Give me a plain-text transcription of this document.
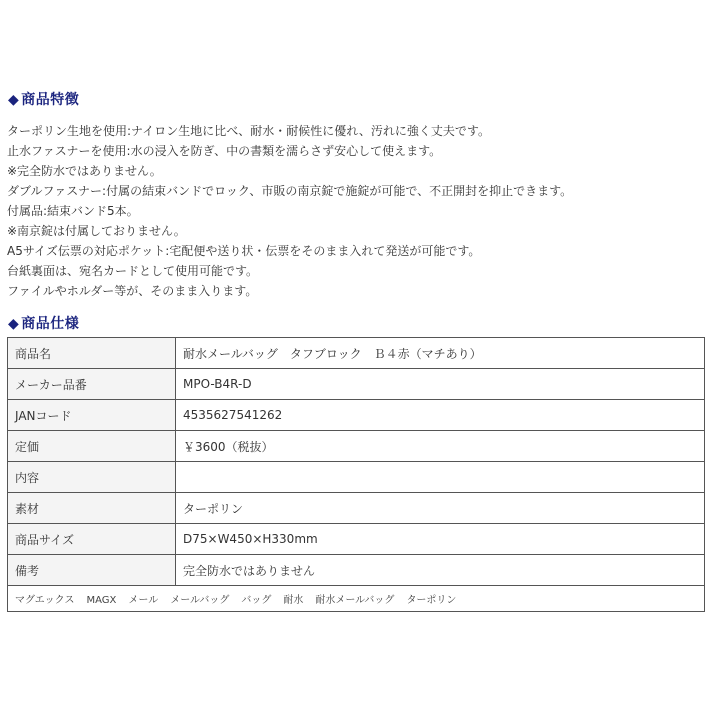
◆ 商品特徴
ターポリン生地を使用:ナイロン生地に比べ、耐水・耐候性に優れ、汚れに強く丈夫です。
止水ファスナーを使用:水の浸入を防ぎ、中の書類を濡らさず安心して使えます。
※完全防水ではありません。
ダブルファスナー:付属の結束バンドでロック、市販の南京錠で施錠が可能で、不正開封を抑止できます。
付属品:結束バンド5本。
※南京錠は付属しておりません。
A5サイズ伝票の対応ポケット:宅配便や送り状・伝票をそのまま入れて発送が可能です。
台紙裏面は、宛名カードとして使用可能です。
ファイルやホルダー等が、そのまま入ります。
◆ 商品仕様
商品名	耐水メールバッグ　タフブロック　Ｂ４赤（マチあり）
メーカー品番	MPO-B4R-D
JANコード	4535627541262
定価	￥3600（税抜）
内容	
素材	ターポリン
商品サイズ	D75×W450×H330mm
備考	完全防水ではありません
マグエックス MAGX メール メールバッグ バッグ 耐水 耐水メールバッグ ターポリン	
